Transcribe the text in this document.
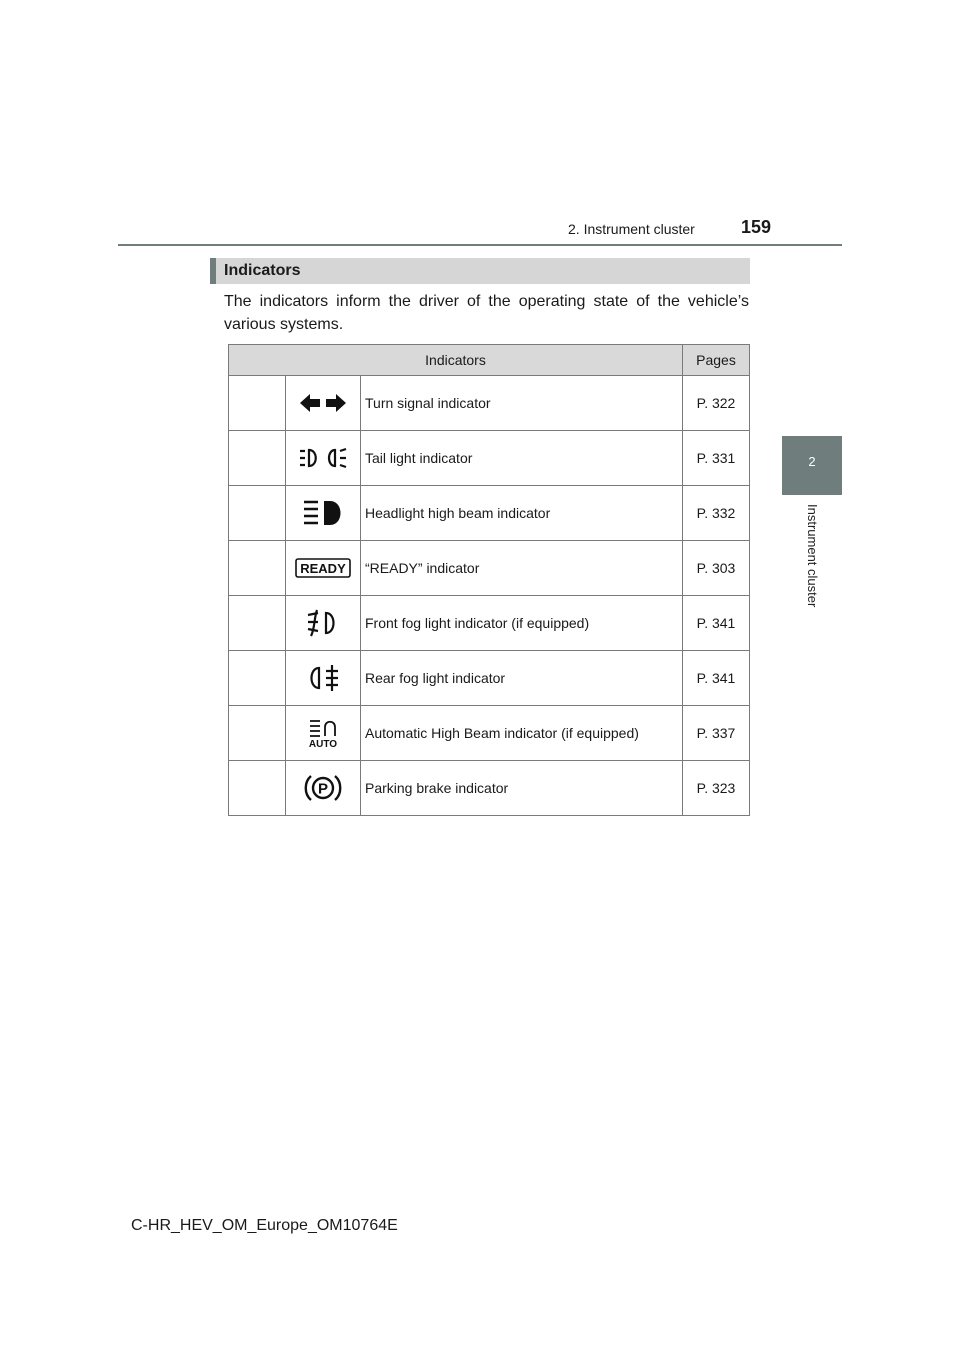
2. Instrument cluster	159
2
Instrument cluster
Indicators

The indicators inform the driver of the operating state of the vehicle’s various systems.

Indicators			Pages

	Turn signal indicator	P. 322

	Tail light indicator	P. 331

	Headlight high beam indicator	P. 332

READY	“READY” indicator	P. 303

	Front fog light indicator (if equipped)	P. 341

	Rear fog light indicator	P. 341

AUTO	Automatic High Beam indicator (if equipped)	P. 337

P	Parking brake indicator	P. 323
C-HR_HEV_OM_Europe_OM10764E
